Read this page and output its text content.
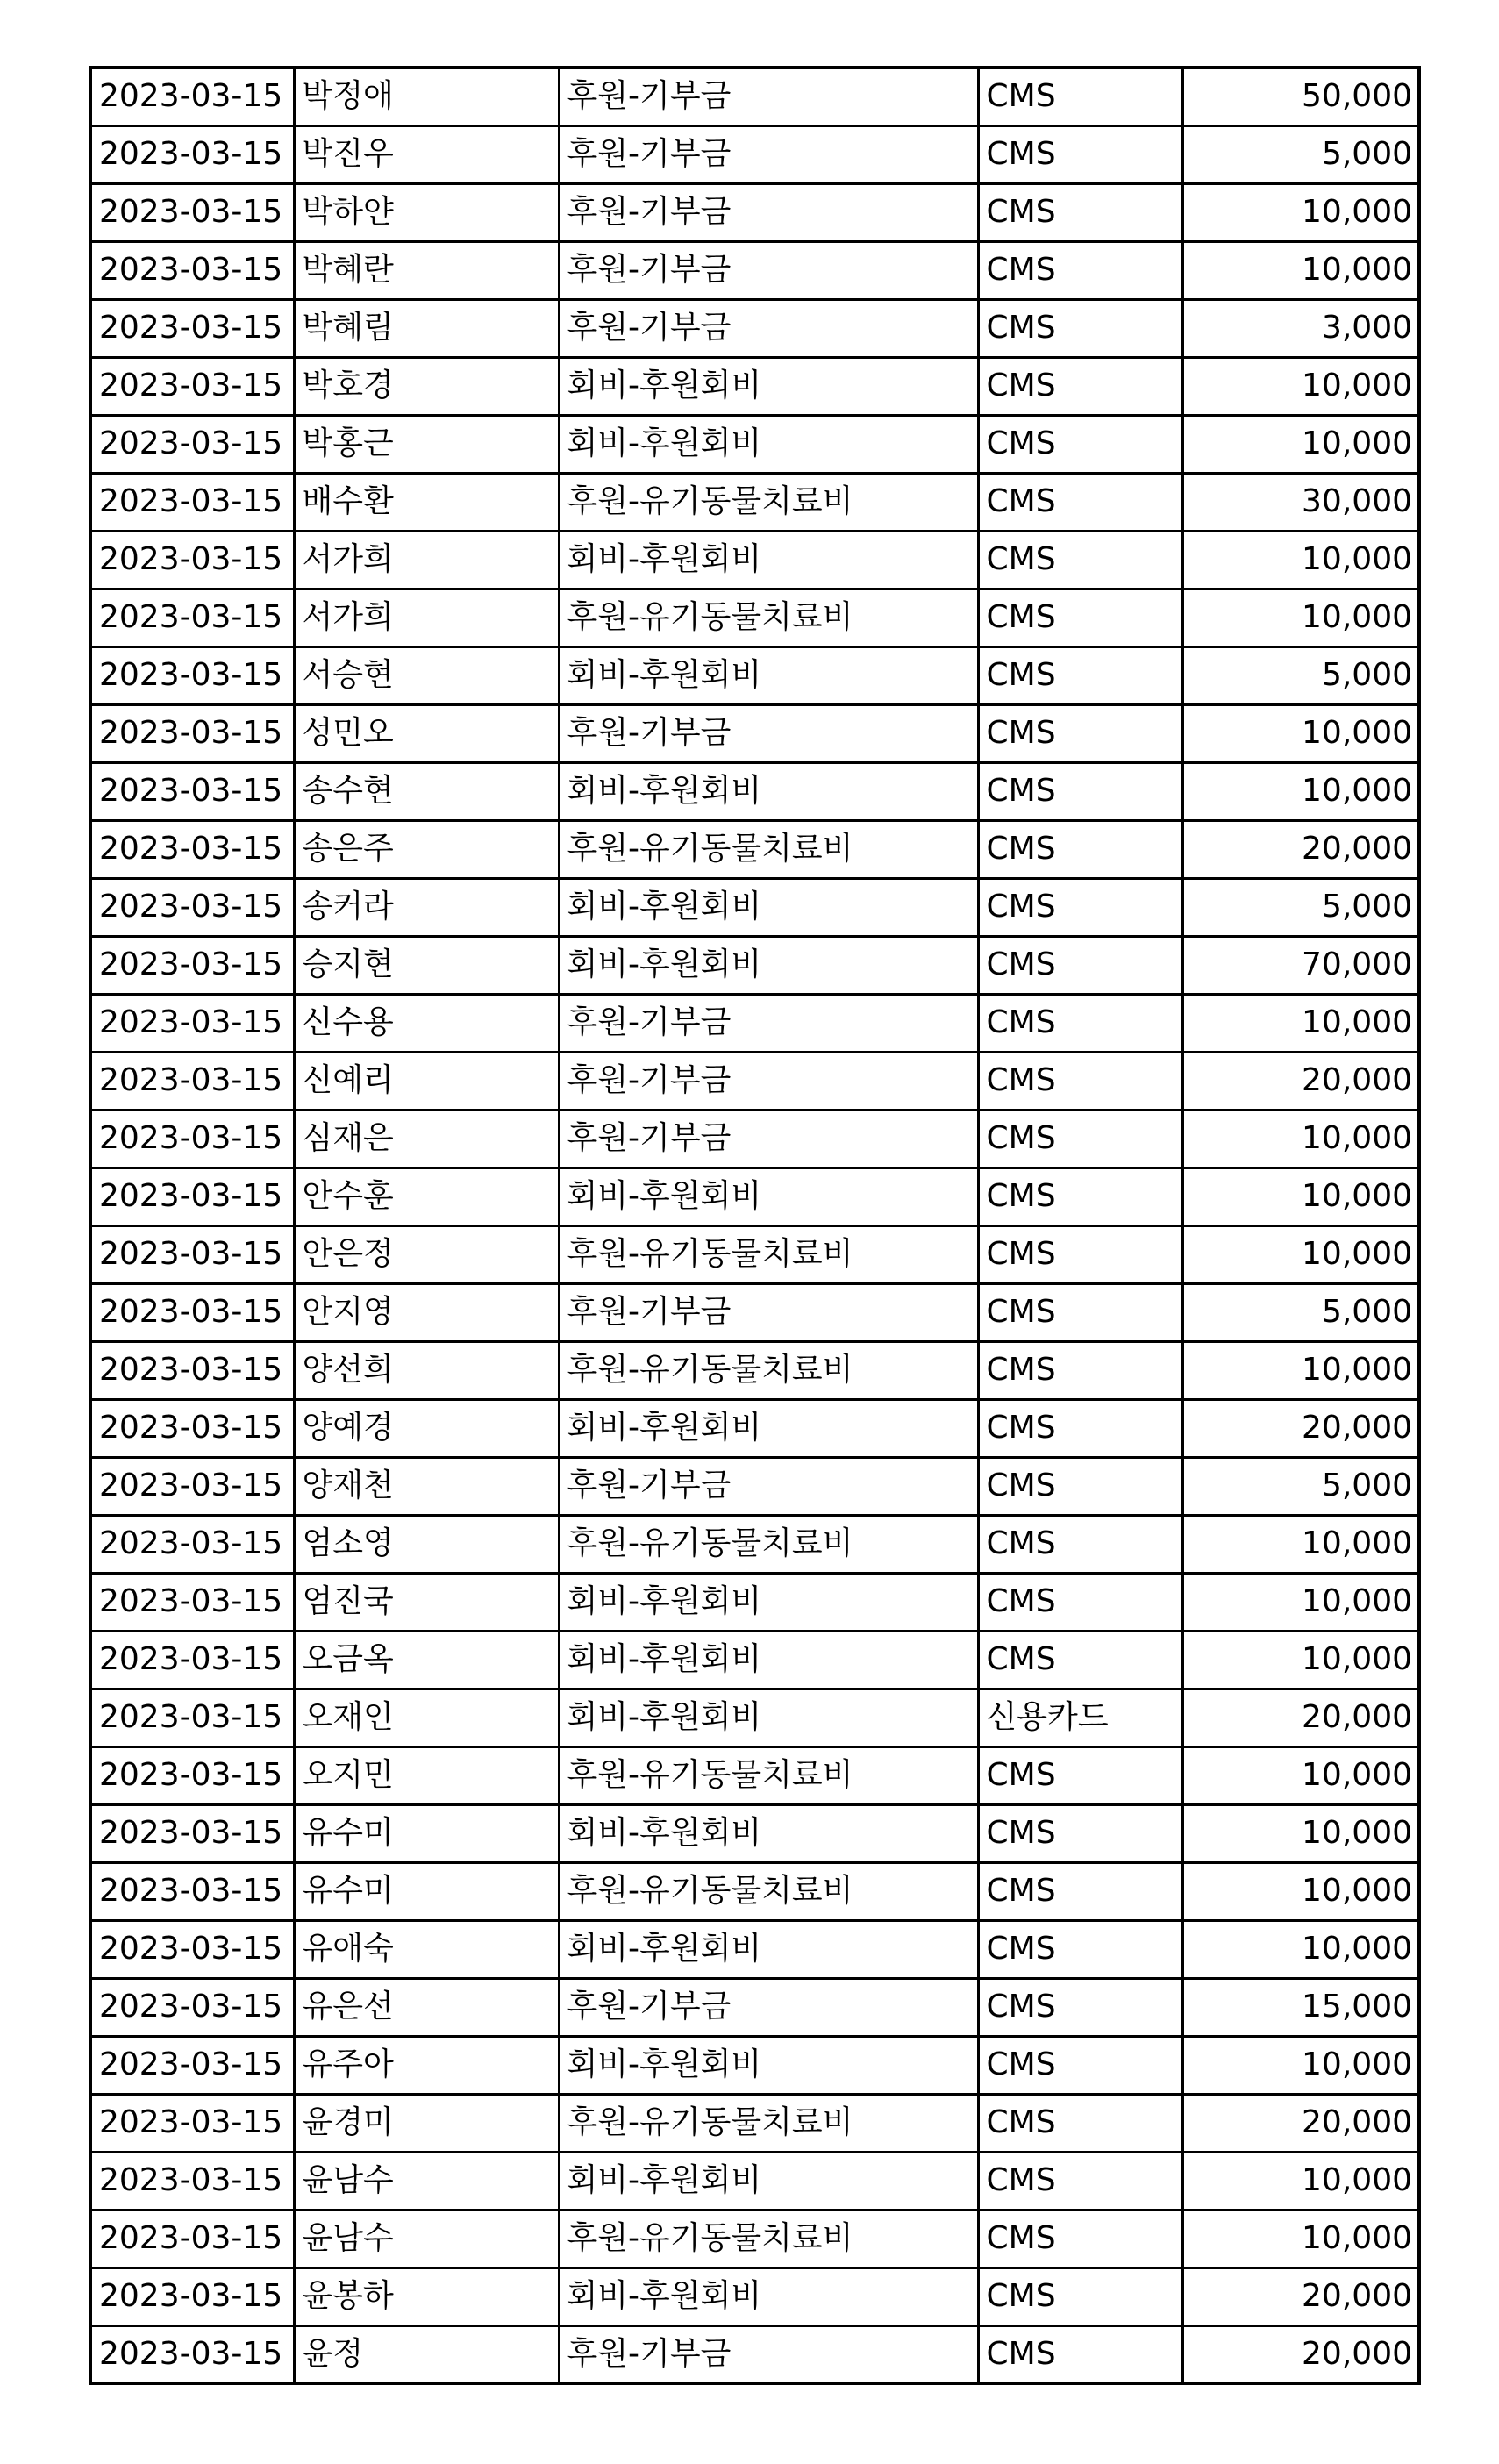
2023-03-15	박정애	후원-기부금	CMS	50,000
2023-03-15	박진우	후원-기부금	CMS	5,000
2023-03-15	박하얀	후원-기부금	CMS	10,000
2023-03-15	박혜란	후원-기부금	CMS	10,000
2023-03-15	박혜림	후원-기부금	CMS	3,000
2023-03-15	박호경	회비-후원회비	CMS	10,000
2023-03-15	박홍근	회비-후원회비	CMS	10,000
2023-03-15	배수환	후원-유기동물치료비	CMS	30,000
2023-03-15	서가희	회비-후원회비	CMS	10,000
2023-03-15	서가희	후원-유기동물치료비	CMS	10,000
2023-03-15	서승현	회비-후원회비	CMS	5,000
2023-03-15	성민오	후원-기부금	CMS	10,000
2023-03-15	송수현	회비-후원회비	CMS	10,000
2023-03-15	송은주	후원-유기동물치료비	CMS	20,000
2023-03-15	송커라	회비-후원회비	CMS	5,000
2023-03-15	승지현	회비-후원회비	CMS	70,000
2023-03-15	신수용	후원-기부금	CMS	10,000
2023-03-15	신예리	후원-기부금	CMS	20,000
2023-03-15	심재은	후원-기부금	CMS	10,000
2023-03-15	안수훈	회비-후원회비	CMS	10,000
2023-03-15	안은정	후원-유기동물치료비	CMS	10,000
2023-03-15	안지영	후원-기부금	CMS	5,000
2023-03-15	양선희	후원-유기동물치료비	CMS	10,000
2023-03-15	양예경	회비-후원회비	CMS	20,000
2023-03-15	양재천	후원-기부금	CMS	5,000
2023-03-15	엄소영	후원-유기동물치료비	CMS	10,000
2023-03-15	엄진국	회비-후원회비	CMS	10,000
2023-03-15	오금옥	회비-후원회비	CMS	10,000
2023-03-15	오재인	회비-후원회비	신용카드	20,000
2023-03-15	오지민	후원-유기동물치료비	CMS	10,000
2023-03-15	유수미	회비-후원회비	CMS	10,000
2023-03-15	유수미	후원-유기동물치료비	CMS	10,000
2023-03-15	유애숙	회비-후원회비	CMS	10,000
2023-03-15	유은선	후원-기부금	CMS	15,000
2023-03-15	유주아	회비-후원회비	CMS	10,000
2023-03-15	윤경미	후원-유기동물치료비	CMS	20,000
2023-03-15	윤남수	회비-후원회비	CMS	10,000
2023-03-15	윤남수	후원-유기동물치료비	CMS	10,000
2023-03-15	윤봉하	회비-후원회비	CMS	20,000
2023-03-15	윤정	후원-기부금	CMS	20,000
